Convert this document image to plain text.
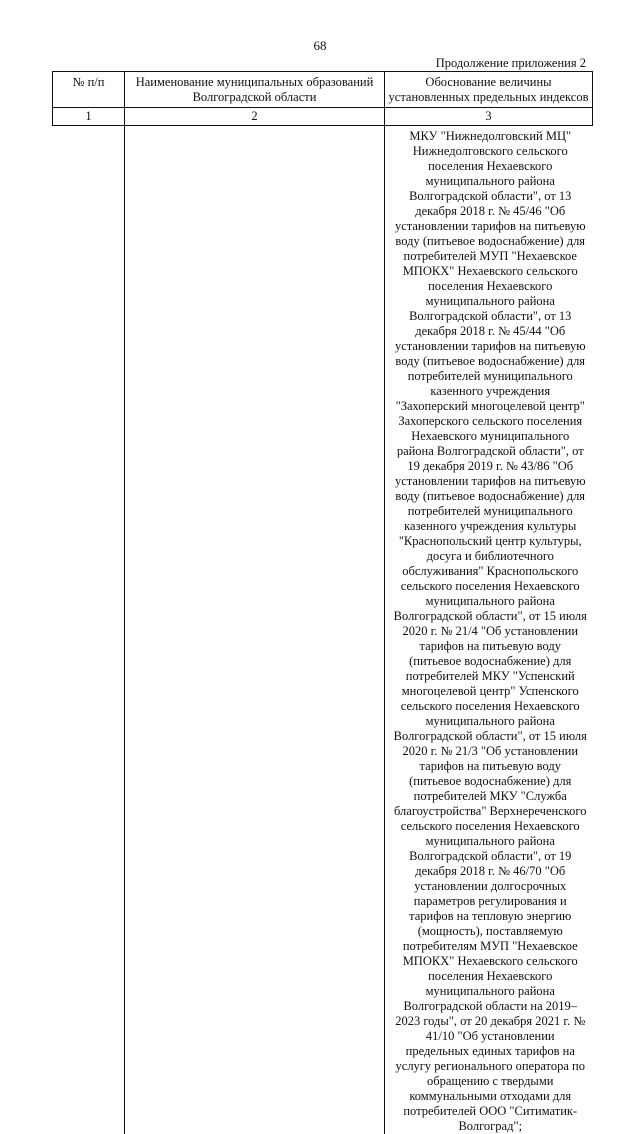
68
Продолжение приложения 2
№ п/п	Наименование муниципальных образований Волгоградской области	Обоснование величины установленных предельных индексов
1	2	3
		МКУ "Нижнедолговский МЦ" Нижнедолговского сельского поселения Нехаевского муниципального района Волгоградской области", от 13 декабря 2018 г. № 45/46 "Об установлении тарифов на питьевую воду (питьевое водоснабжение) для потребителей МУП "Нехаевское МПОКХ" Нехаевского сельского поселения Нехаевского муниципального района Волгоградской области", от 13 декабря 2018 г. № 45/44 "Об установлении тарифов на питьевую воду (питьевое водоснабжение) для потребителей муниципального казенного учреждения "Захоперский многоцелевой центр" Захоперского сельского поселения Нехаевского муниципального района Волгоградской области", от 19 декабря 2019 г. № 43/86 "Об установлении тарифов на питьевую воду (питьевое водоснабжение) для потребителей муниципального казенного учреждения культуры "Краснопольский центр культуры, досуга и библиотечного обслуживания" Краснопольского сельского поселения Нехаевского муниципального района Волгоградской области", от 15 июля 2020 г. № 21/4 "Об установлении тарифов на питьевую воду (питьевое водоснабжение) для потребителей МКУ "Успенский многоцелевой центр" Успенского сельского поселения Нехаевского муниципального района Волгоградской области", от 15 июля 2020 г. № 21/3 "Об установлении тарифов на питьевую воду (питьевое водоснабжение) для потребителей МКУ "Служба благоустройства" Верхнереченского сельского поселения Нехаевского муниципального района Волгоградской области", от 19 декабря 2018 г. № 46/70 "Об установлении долгосрочных параметров регулирования и тарифов на тепловую энергию (мощность), поставляемую потребителям МУП "Нехаевское МПОКХ" Нехаевского сельского поселения Нехаевского муниципального района Волгоградской области на 2019–2023 годы", от 20 декабря 2021 г. № 41/10 "Об установлении предельных единых тарифов на услугу регионального оператора по обращению с твердыми коммунальными отходами для потребителей ООО "Ситиматик-Волгоград";
